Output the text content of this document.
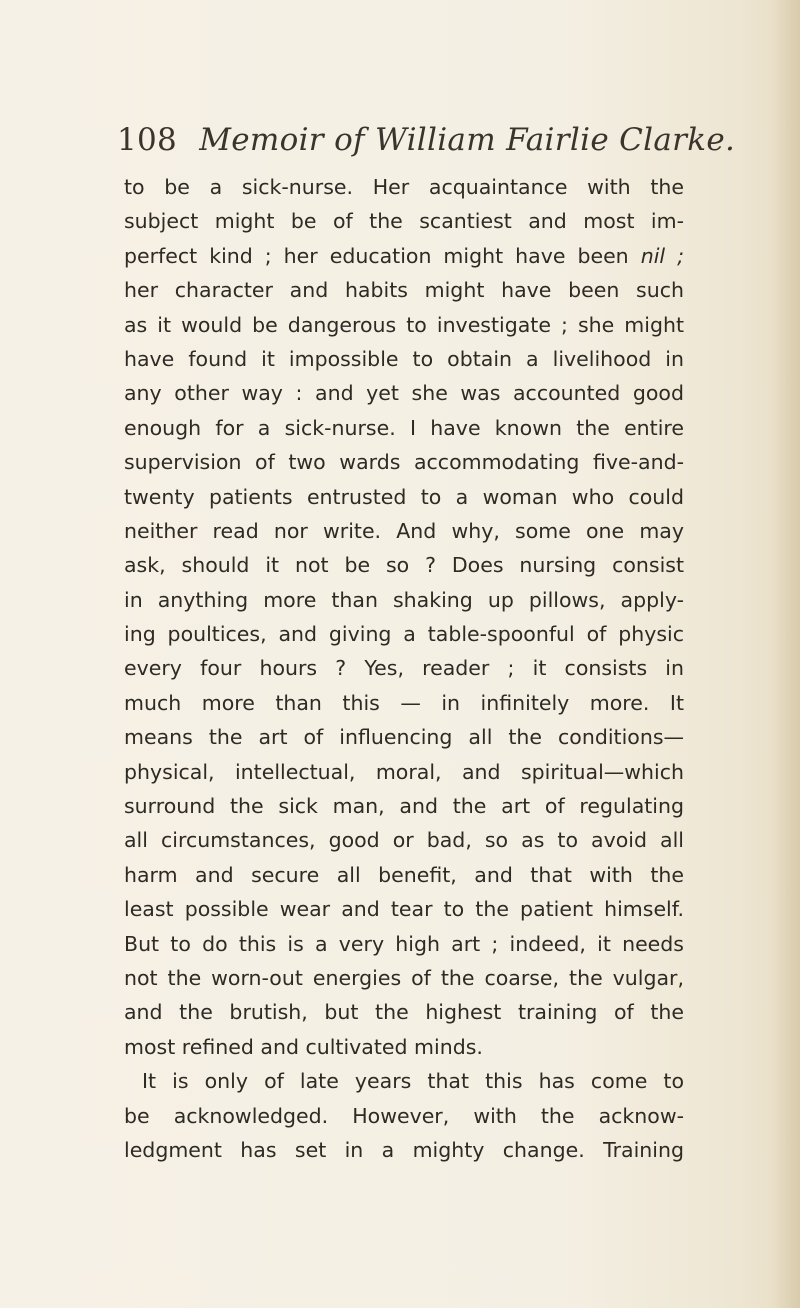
108 Memoir of William Fairlie Clarke.
to be a sick-nurse. Her acquaintance with the
subject might be of the scantiest and most im-
perfect kind ; her education might have been nil ;
her character and habits might have been such
as it would be dangerous to investigate ; she might
have found it impossible to obtain a livelihood in
any other way : and yet she was accounted good
enough for a sick-nurse. I have known the entire
supervision of two wards accommodating five-and-
twenty patients entrusted to a woman who could
neither read nor write. And why, some one may
ask, should it not be so ? Does nursing consist
in anything more than shaking up pillows, apply-
ing poultices, and giving a table-spoonful of physic
every four hours ? Yes, reader ; it consists in
much more than this — in infinitely more. It
means the art of influencing all the conditions—
physical, intellectual, moral, and spiritual—which
surround the sick man, and the art of regulating
all circumstances, good or bad, so as to avoid all
harm and secure all benefit, and that with the
least possible wear and tear to the patient himself.
But to do this is a very high art ; indeed, it needs
not the worn-out energies of the coarse, the vulgar,
and the brutish, but the highest training of the
most refined and cultivated minds.
It is only of late years that this has come to
be acknowledged. However, with the acknow-
ledgment has set in a mighty change. Training
